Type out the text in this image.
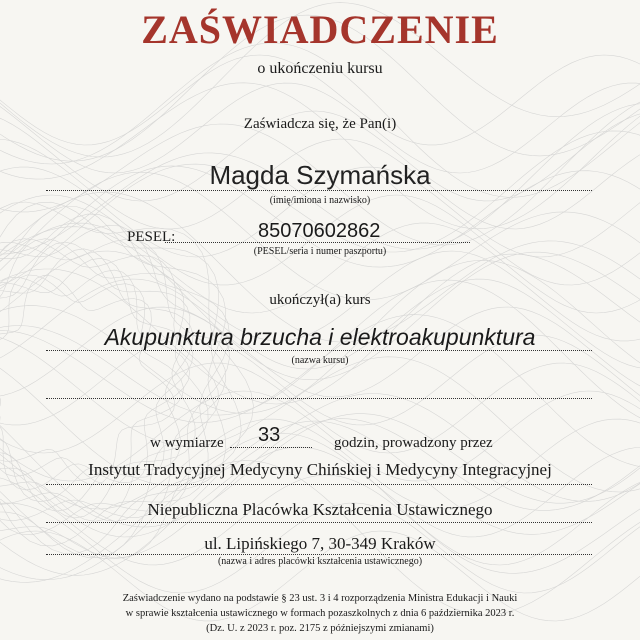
ZAŚWIADCZENIE
o ukończeniu kursu
Zaświadcza się, że Pan(i)
Magda Szymańska
(imię/imiona i nazwisko)
PESEL:	85070602862
(PESEL/seria i numer paszportu)
ukończył(a) kurs
Akupunktura brzucha i elektroakupunktura
(nazwa kursu)
w wymiarze 33	godzin, prowadzony przez
Instytut Tradycyjnej Medycyny Chińskiej i Medycyny Integracyjnej
Niepubliczna Placówka Kształcenia Ustawicznego
ul. Lipińskiego 7, 30-349 Kraków
(nazwa i adres placówki kształcenia ustawicznego)
Zaświadczenie wydano na podstawie § 23 ust. 3 i 4 rozporządzenia Ministra Edukacji i Nauki
w sprawie kształcenia ustawicznego w formach pozaszkolnych z dnia 6 października 2023 r.
(Dz. U. z 2023 r. poz. 2175 z późniejszymi zmianami)
